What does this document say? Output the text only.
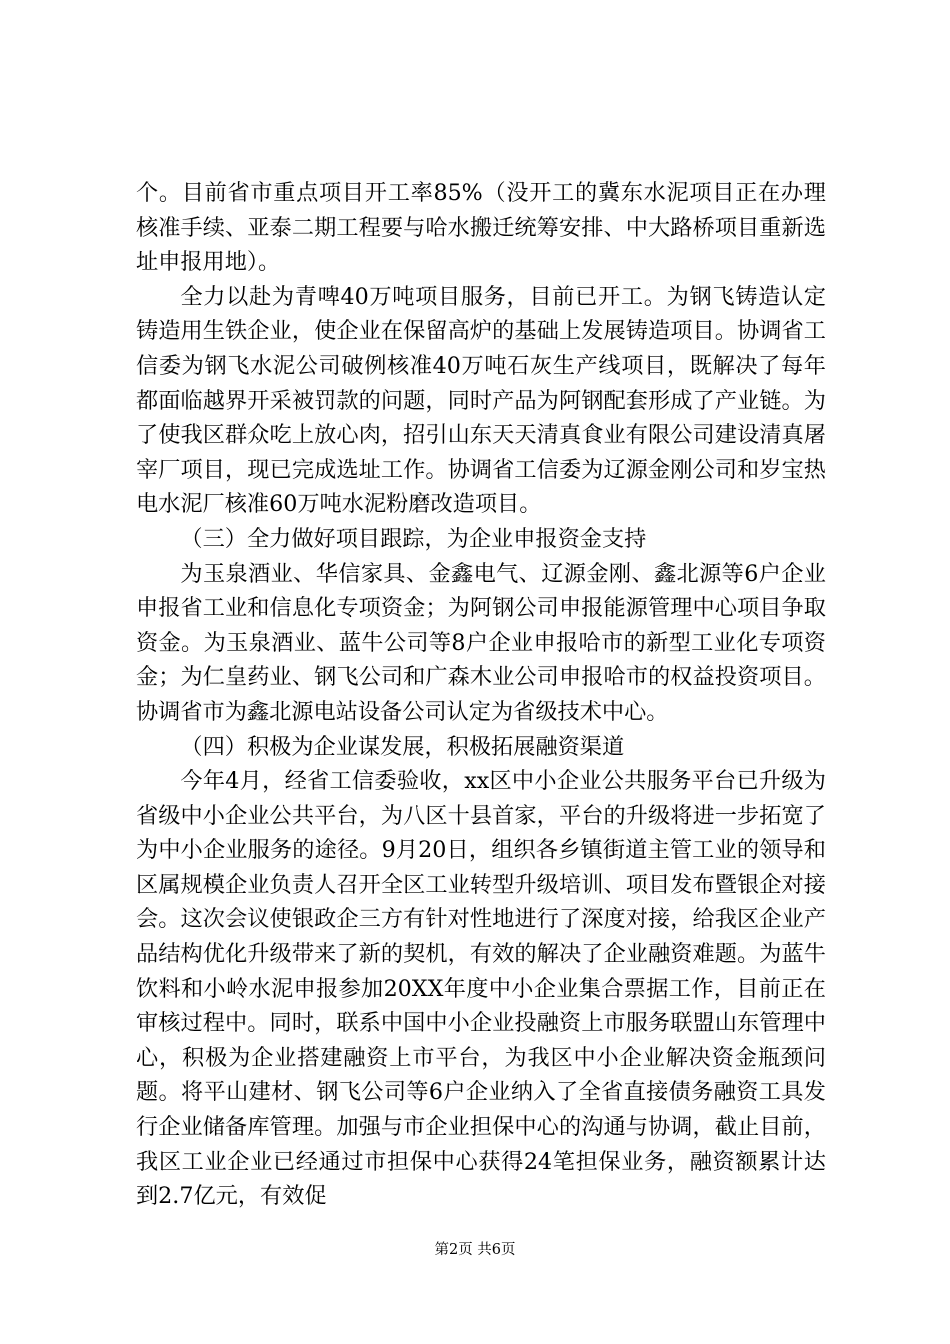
个。目前省市重点项目开工率85%（没开工的冀东水泥项目正在办理核准手续、亚泰二期工程要与哈水搬迁统筹安排、中大路桥项目重新选址申报用地）。

全力以赴为青啤40万吨项目服务，目前已开工。为钢飞铸造认定铸造用生铁企业，使企业在保留高炉的基础上发展铸造项目。协调省工信委为钢飞水泥公司破例核准40万吨石灰生产线项目，既解决了每年都面临越界开采被罚款的问题，同时产品为阿钢配套形成了产业链。为了使我区群众吃上放心肉，招引山东天天清真食业有限公司建设清真屠宰厂项目，现已完成选址工作。协调省工信委为辽源金刚公司和岁宝热电水泥厂核准60万吨水泥粉磨改造项目。

（三）全力做好项目跟踪，为企业申报资金支持

为玉泉酒业、华信家具、金鑫电气、辽源金刚、鑫北源等6户企业申报省工业和信息化专项资金；为阿钢公司申报能源管理中心项目争取资金。为玉泉酒业、蓝牛公司等8户企业申报哈市的新型工业化专项资金；为仁皇药业、钢飞公司和广森木业公司申报哈市的权益投资项目。协调省市为鑫北源电站设备公司认定为省级技术中心。

（四）积极为企业谋发展，积极拓展融资渠道

今年4月，经省工信委验收，xx区中小企业公共服务平台已升级为省级中小企业公共平台，为八区十县首家，平台的升级将进一步拓宽了为中小企业服务的途径。9月20日，组织各乡镇街道主管工业的领导和区属规模企业负责人召开全区工业转型升级培训、项目发布暨银企对接会。这次会议使银政企三方有针对性地进行了深度对接，给我区企业产品结构优化升级带来了新的契机，有效的解决了企业融资难题。为蓝牛饮料和小岭水泥申报参加20XX年度中小企业集合票据工作，目前正在审核过程中。同时，联系中国中小企业投融资上市服务联盟山东管理中心，积极为企业搭建融资上市平台，为我区中小企业解决资金瓶颈问题。将平山建材、钢飞公司等6户企业纳入了全省直接债务融资工具发行企业储备库管理。加强与市企业担保中心的沟通与协调，截止目前，我区工业企业已经通过市担保中心获得24笔担保业务，融资额累计达到2.7亿元，有效促

第2页 共6页
